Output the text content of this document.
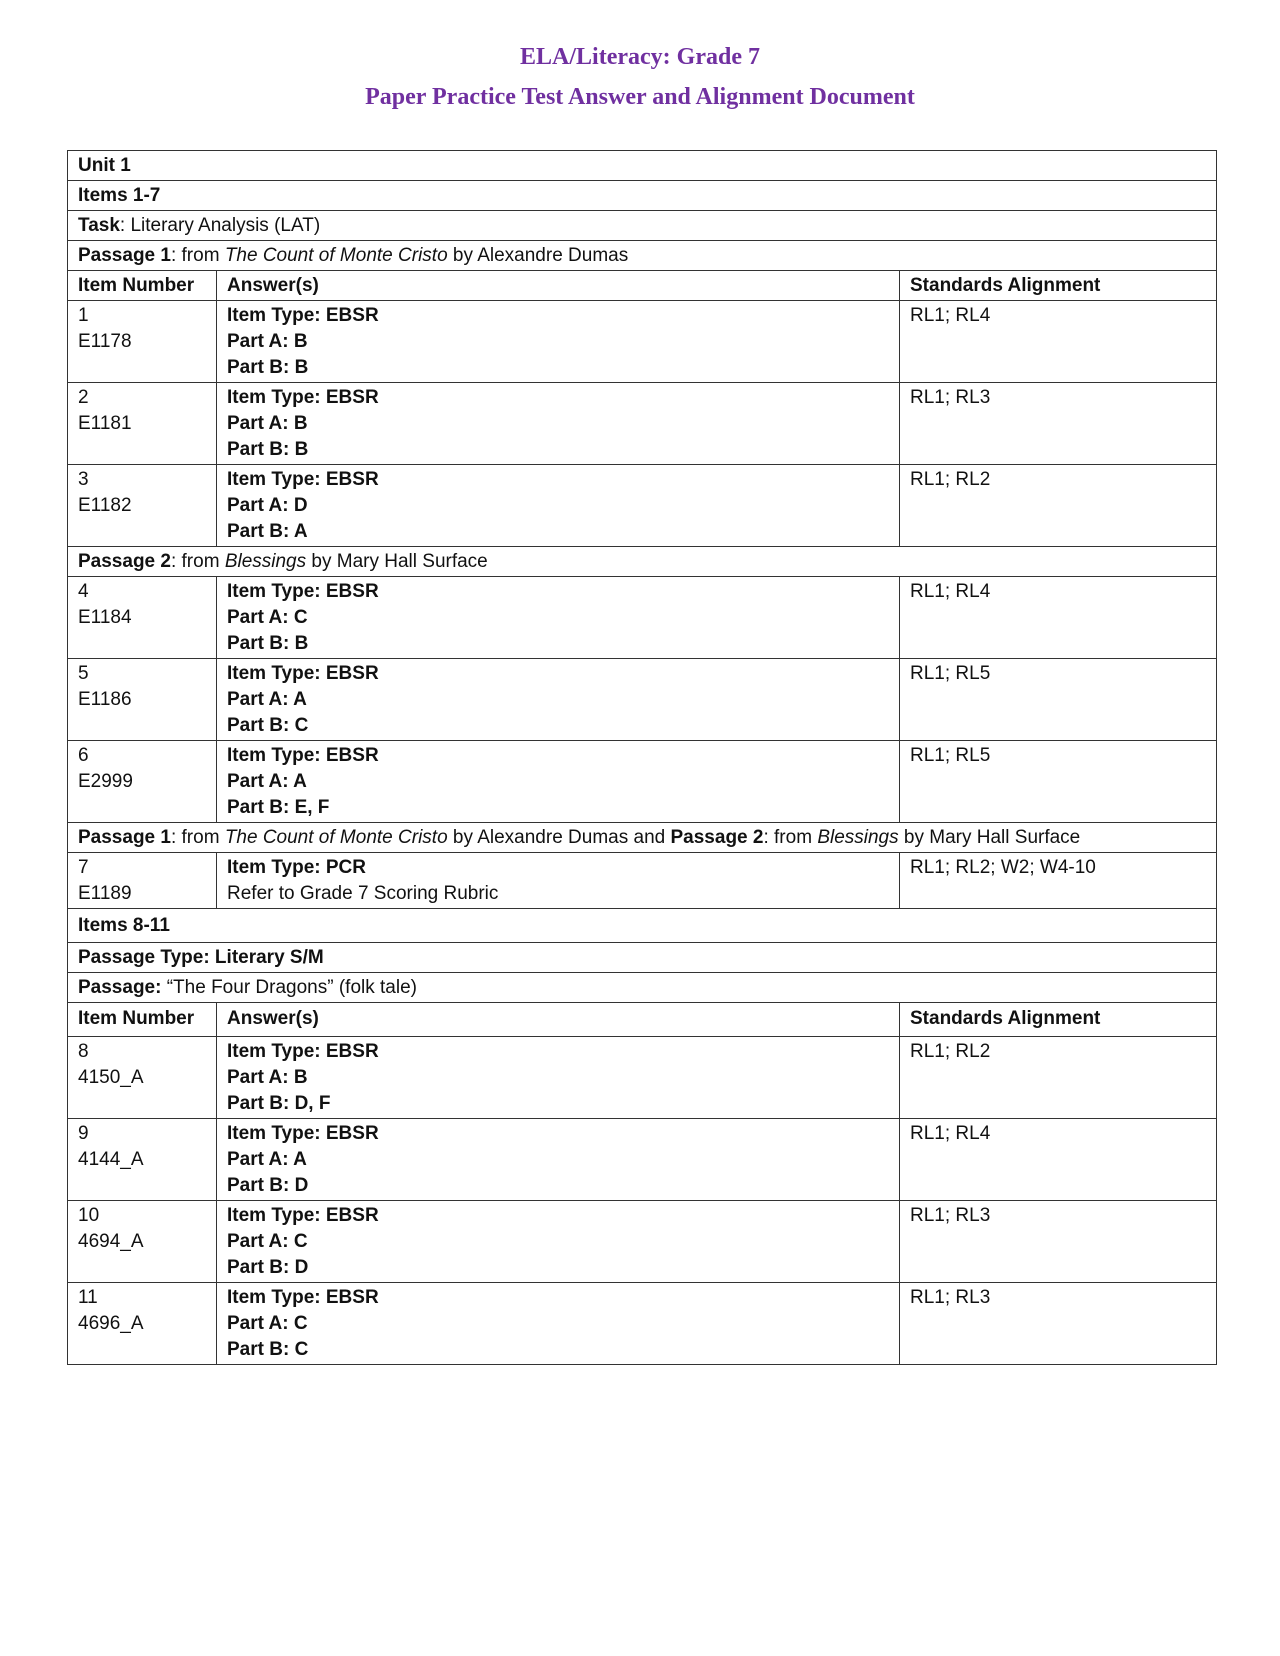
ELA/Literacy: Grade 7
Paper Practice Test Answer and Alignment Document
Unit 1		
Items 1-7		
Task: Literary Analysis (LAT)		
Passage 1: from The Count of Monte Cristo by Alexandre Dumas		
Item Number	Answer(s)	Standards Alignment

1
E1178	Item Type: EBSR
Part A: B
Part B: B	RL1; RL4

2
E1181	Item Type: EBSR
Part A: B
Part B: B	RL1; RL3

3
E1182	Item Type: EBSR
Part A: D
Part B: A	RL1; RL2
Passage 2: from Blessings by Mary Hall Surface		

4
E1184	Item Type: EBSR
Part A: C
Part B: B	RL1; RL4

5
E1186	Item Type: EBSR
Part A: A
Part B: C	RL1; RL5

6
E2999	Item Type: EBSR
Part A: A
Part B: E, F	RL1; RL5
Passage 1: from The Count of Monte Cristo by Alexandre Dumas and Passage 2: from Blessings by Mary Hall Surface		

7
E1189	Item Type: PCR
Refer to Grade 7 Scoring Rubric	RL1; RL2; W2; W4-10
Items 8-11		
Passage Type: Literary S/M		
Passage: “The Four Dragons” (folk tale)		
Item Number	Answer(s)	Standards Alignment

8
4150_A	Item Type: EBSR
Part A: B
Part B: D, F	RL1; RL2

9
4144_A	Item Type: EBSR
Part A: A
Part B: D	RL1; RL4

10
4694_A	Item Type: EBSR
Part A: C
Part B: D	RL1; RL3

11
4696_A	Item Type: EBSR
Part A: C
Part B: C	RL1; RL3
